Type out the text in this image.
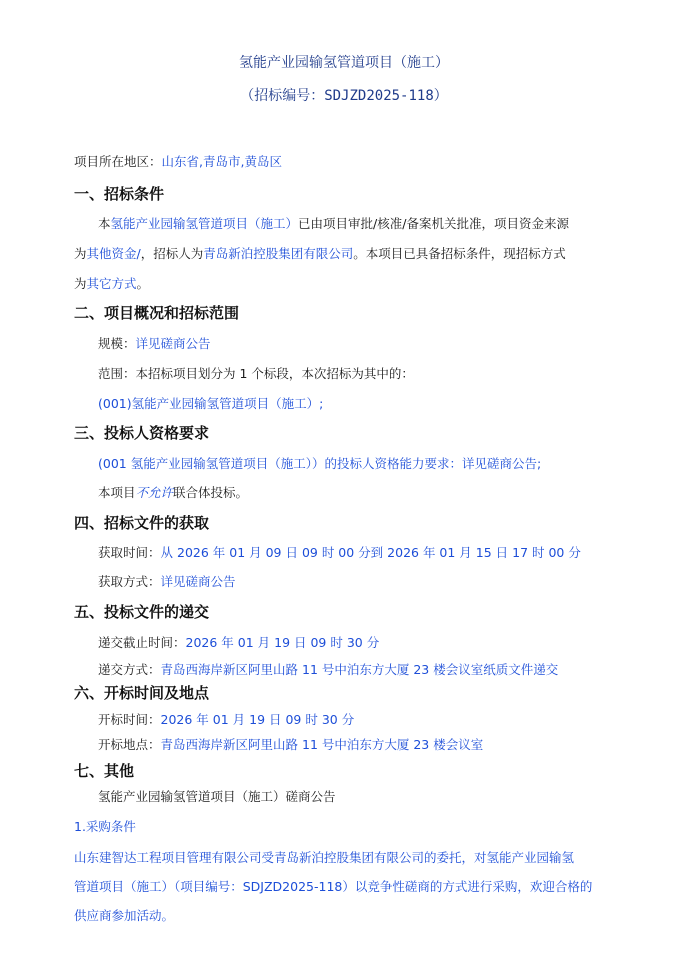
氢能产业园输氢管道项目（施工）
（招标编号：SDJZD2025-118）
项目所在地区：山东省,青岛市,黄岛区
一、招标条件
本氢能产业园输氢管道项目（施工）已由项目审批/核准/备案机关批准，项目资金来源
为其他资金/，招标人为青岛新泊控股集团有限公司。本项目已具备招标条件，现招标方式
为其它方式。
二、项目概况和招标范围
规模：详见磋商公告
范围：本招标项目划分为 1 个标段，本次招标为其中的：
(001)氢能产业园输氢管道项目（施工）;
三、投标人资格要求
(001 氢能产业园输氢管道项目（施工））的投标人资格能力要求：详见磋商公告;
本项目不允许联合体投标。
四、招标文件的获取
获取时间：从 2026 年 01 月 09 日 09 时 00 分到 2026 年 01 月 15 日 17 时 00 分
获取方式：详见磋商公告
五、投标文件的递交
递交截止时间：2026 年 01 月 19 日 09 时 30 分
递交方式：青岛西海岸新区阿里山路 11 号中泊东方大厦 23 楼会议室纸质文件递交
六、开标时间及地点
开标时间：2026 年 01 月 19 日 09 时 30 分
开标地点：青岛西海岸新区阿里山路 11 号中泊东方大厦 23 楼会议室
七、其他
氢能产业园输氢管道项目（施工）磋商公告
1.采购条件
山东建智达工程项目管理有限公司受青岛新泊控股集团有限公司的委托，对氢能产业园输氢
管道项目（施工）（项目编号：SDJZD2025-118）以竞争性磋商的方式进行采购，欢迎合格的
供应商参加活动。
